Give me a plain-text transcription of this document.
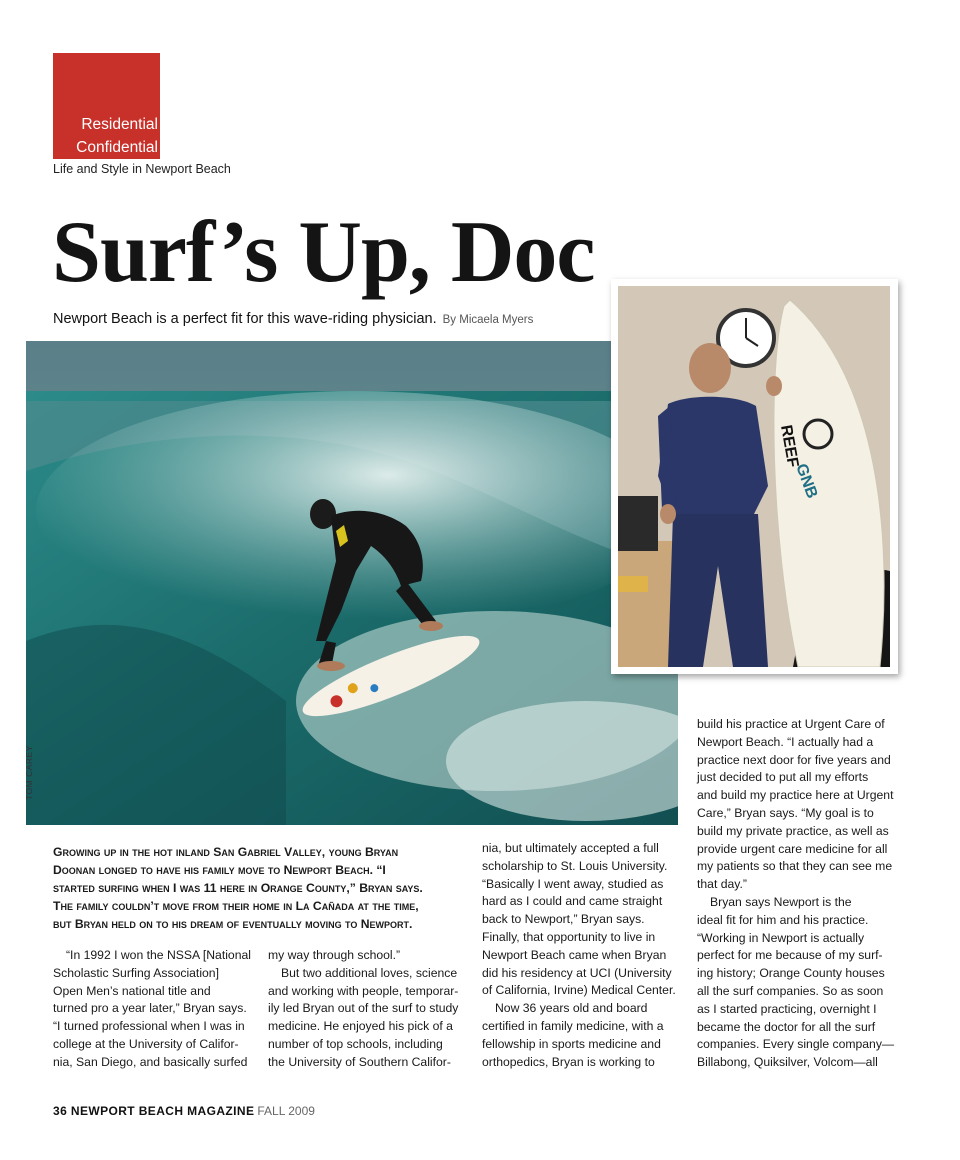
Residential
Confidential
Life and Style in Newport Beach
Surf’s Up, Doc
Newport Beach is a perfect fit for this wave-riding physician. By Micaela Myers
TOM CAREY
REEF
GNB
Growing up in the hot inland San Gabriel Valley, young Bryan
Doonan longed to have his family move to Newport Beach. “I
started surfing when I was 11 here in Orange County,” Bryan says.
The family couldn’t move from their home in La Cañada at the time,
but Bryan held on to his dream of eventually moving to Newport.
“In 1992 I won the NSSA [National
Scholastic Surfing Association]
Open Men’s national title and
turned pro a year later,” Bryan says.
“I turned professional when I was in
college at the University of Califor-
nia, San Diego, and basically surfed
my way through school.”
But two additional loves, science
and working with people, temporar-
ily led Bryan out of the surf to study
medicine. He enjoyed his pick of a
number of top schools, including
the University of Southern Califor-
nia, but ultimately accepted a full
scholarship to St. Louis University.
“Basically I went away, studied as
hard as I could and came straight
back to Newport,” Bryan says.
Finally, that opportunity to live in
Newport Beach came when Bryan
did his residency at UCI (University
of California, Irvine) Medical Center.
Now 36 years old and board
certified in family medicine, with a
fellowship in sports medicine and
orthopedics, Bryan is working to
build his practice at Urgent Care of
Newport Beach. “I actually had a
practice next door for five years and
just decided to put all my efforts
and build my practice here at Urgent
Care,” Bryan says. “My goal is to
build my private practice, as well as
provide urgent care medicine for all
my patients so that they can see me
that day.”
Bryan says Newport is the
ideal fit for him and his practice.
“Working in Newport is actually
perfect for me because of my surf-
ing history; Orange County houses
all the surf companies. So as soon
as I started practicing, overnight I
became the doctor for all the surf
companies. Every single company—
Billabong, Quiksilver, Volcom—all
36 NEWPORT BEACH MAGAZINE FALL 2009
